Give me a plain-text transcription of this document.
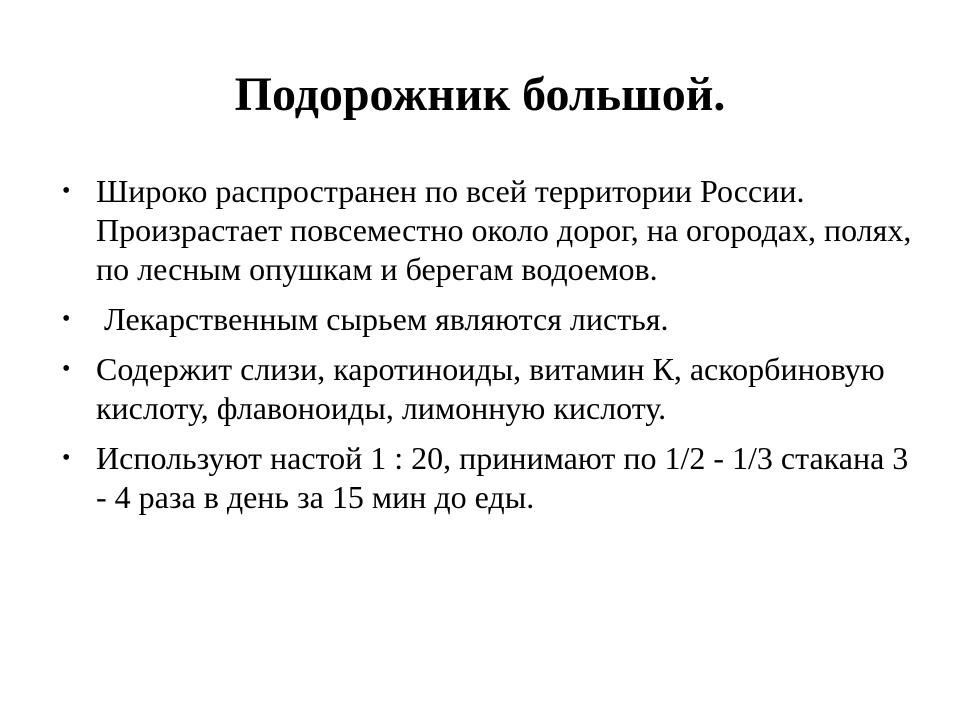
Подорожник большой.
• Широко распространен по всей территории России. Произрастает повсеместно около дорог, на огородах, полях, по лесным опушкам и берегам водоемов.
• Лекарственным сырьем являются листья.
• Содержит слизи, каротиноиды, витамин К, аскорбиновую кислоту, флавоноиды, лимонную кислоту.
• Используют настой 1 : 20, принимают по 1/2 - 1/3 стакана 3 - 4 раза в день за 15 мин до еды.
